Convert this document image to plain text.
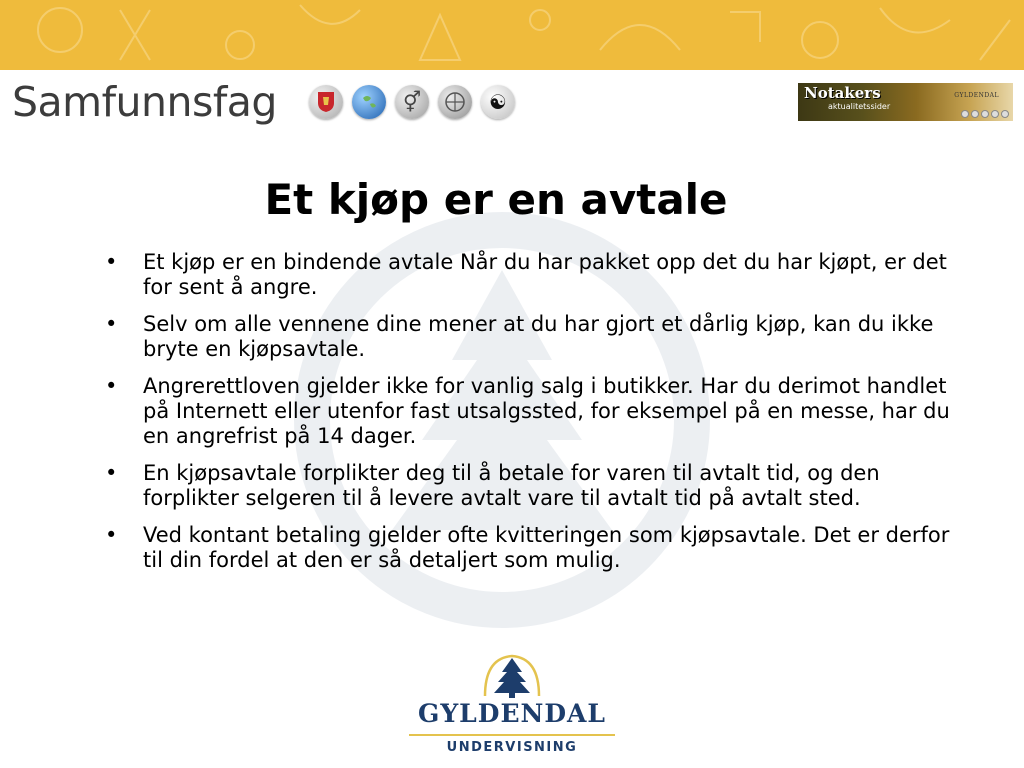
Samfunnsfag	⚥	☯	Notakers
aktualitetssider
GYLDENDAL
Et kjøp er en avtale
• Et kjøp er en bindende avtale Når du har pakket opp det du har kjøpt, er det for sent å angre.
• Selv om alle vennene dine mener at du har gjort et dårlig kjøp, kan du ikke bryte en kjøpsavtale.
• Angrerettloven gjelder ikke for vanlig salg i butikker. Har du derimot handlet på Internett eller utenfor fast utsalgssted, for eksempel på en messe, har du en angrefrist på 14 dager.
• En kjøpsavtale forplikter deg til å betale for varen til avtalt tid, og den forplikter selgeren til å levere avtalt vare til avtalt tid på avtalt sted.
• Ved kontant betaling gjelder ofte kvitteringen som kjøpsavtale. Det er derfor til din fordel at den er så detaljert som mulig.
GYLDENDAL
UNDERVISNING
